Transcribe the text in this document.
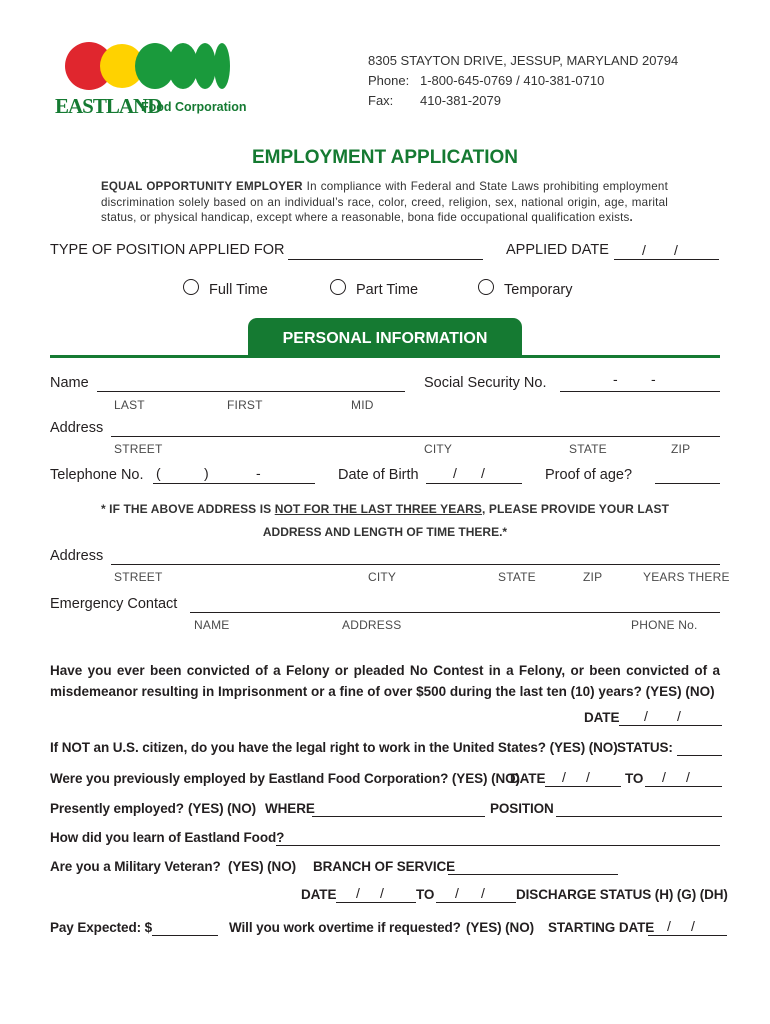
EASTLAND
Food Corporation
8305 STAYTON DRIVE, JESSUP, MARYLAND 20794
Phone: 1-800-645-0769 / 410-381-0710
Fax: 410-381-2079
EMPLOYMENT APPLICATION
EQUAL OPPORTUNITY EMPLOYER In compliance with Federal and State Laws prohibiting employment discrimination solely based on an individual’s race, color, creed, religion, sex, national origin, age, marital status, or physical handicap, except where a reasonable, bona fide occupational qualification exists.
TYPE OF POSITION APPLIED FOR	APPLIED DATE / /
Full Time	Part Time	Temporary
PERSONAL INFORMATION
Name	Social Security No.	- -
LAST	FIRST	MID
Address
STREET	CITY	STATE	ZIP
Telephone No. (	)	-	Date of Birth / /	Proof of age?
* IF THE ABOVE ADDRESS IS NOT FOR THE LAST THREE YEARS, PLEASE PROVIDE YOUR LAST
ADDRESS AND LENGTH OF TIME THERE.*
Address
STREET	CITY	STATE	ZIP	YEARS THERE
Emergency Contact
NAME	ADDRESS	PHONE No.
Have you ever been convicted of a Felony or pleaded No Contest in a Felony, or been convicted of a misdemeanor resulting in Imprisonment or a fine of over $500 during the last ten (10) years? (YES) (NO)
DATE / /
If NOT an U.S. citizen, do you have the legal right to work in the United States? (YES) (NO) STATUS:
Were you previously employed by Eastland Food Corporation? (YES) (NO)
DATE / /	TO / /
Presently employed? (YES) (NO) WHERE	POSITION
How did you learn of Eastland Food?
Are you a Military Veteran? (YES) (NO) BRANCH OF SERVICE
DATE / / TO / / DISCHARGE STATUS (H) (G) (DH)
Pay Expected: $	Will you work overtime if requested? (YES) (NO) STARTING DATE / /
